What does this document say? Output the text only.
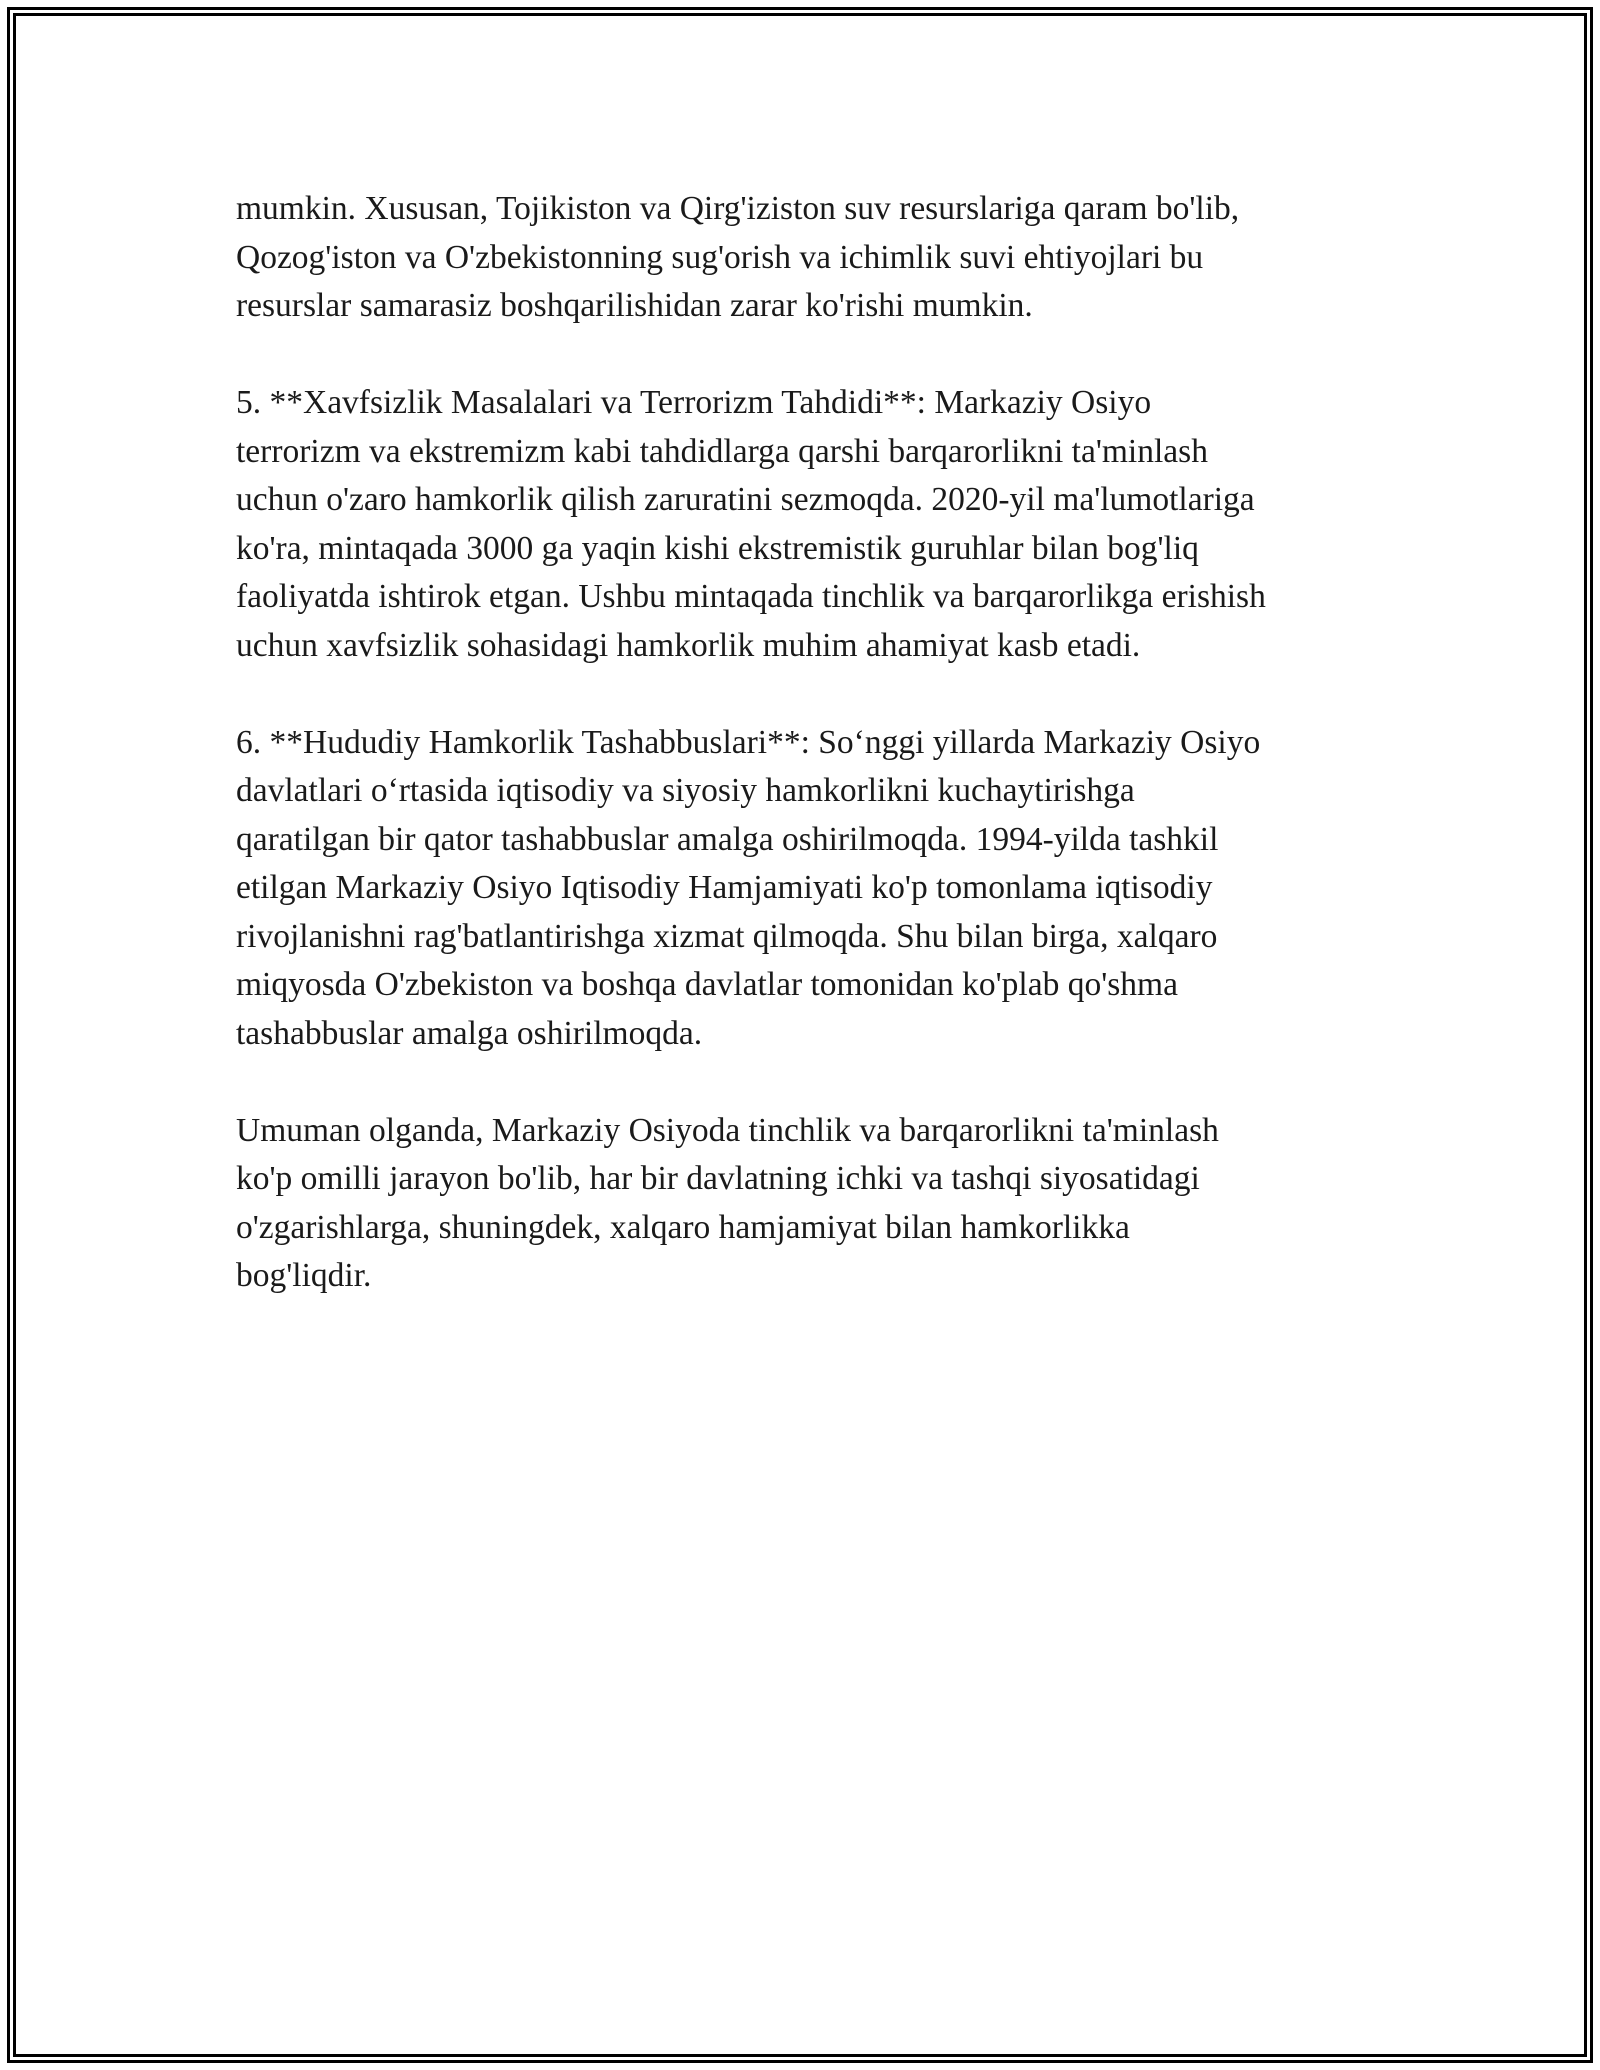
mumkin. Xususan, Tojikiston va Qirg'iziston suv resurslariga qaram bo'lib,
Qozog'iston va O'zbekistonning sug'orish va ichimlik suvi ehtiyojlari bu
resurslar samarasiz boshqarilishidan zarar ko'rishi mumkin.

5. **Xavfsizlik Masalalari va Terrorizm Tahdidi**: Markaziy Osiyo
terrorizm va ekstremizm kabi tahdidlarga qarshi barqarorlikni ta'minlash
uchun o'zaro hamkorlik qilish zaruratini sezmoqda. 2020-yil ma'lumotlariga
ko'ra, mintaqada 3000 ga yaqin kishi ekstremistik guruhlar bilan bog'liq
faoliyatda ishtirok etgan. Ushbu mintaqada tinchlik va barqarorlikga erishish
uchun xavfsizlik sohasidagi hamkorlik muhim ahamiyat kasb etadi.

6. **Hududiy Hamkorlik Tashabbuslari**: So‘nggi yillarda Markaziy Osiyo
davlatlari o‘rtasida iqtisodiy va siyosiy hamkorlikni kuchaytirishga
qaratilgan bir qator tashabbuslar amalga oshirilmoqda. 1994-yilda tashkil
etilgan Markaziy Osiyo Iqtisodiy Hamjamiyati ko'p tomonlama iqtisodiy
rivojlanishni rag'batlantirishga xizmat qilmoqda. Shu bilan birga, xalqaro
miqyosda O'zbekiston va boshqa davlatlar tomonidan ko'plab qo'shma
tashabbuslar amalga oshirilmoqda.

Umuman olganda, Markaziy Osiyoda tinchlik va barqarorlikni ta'minlash
ko'p omilli jarayon bo'lib, har bir davlatning ichki va tashqi siyosatidagi
o'zgarishlarga, shuningdek, xalqaro hamjamiyat bilan hamkorlikka
bog'liqdir.
